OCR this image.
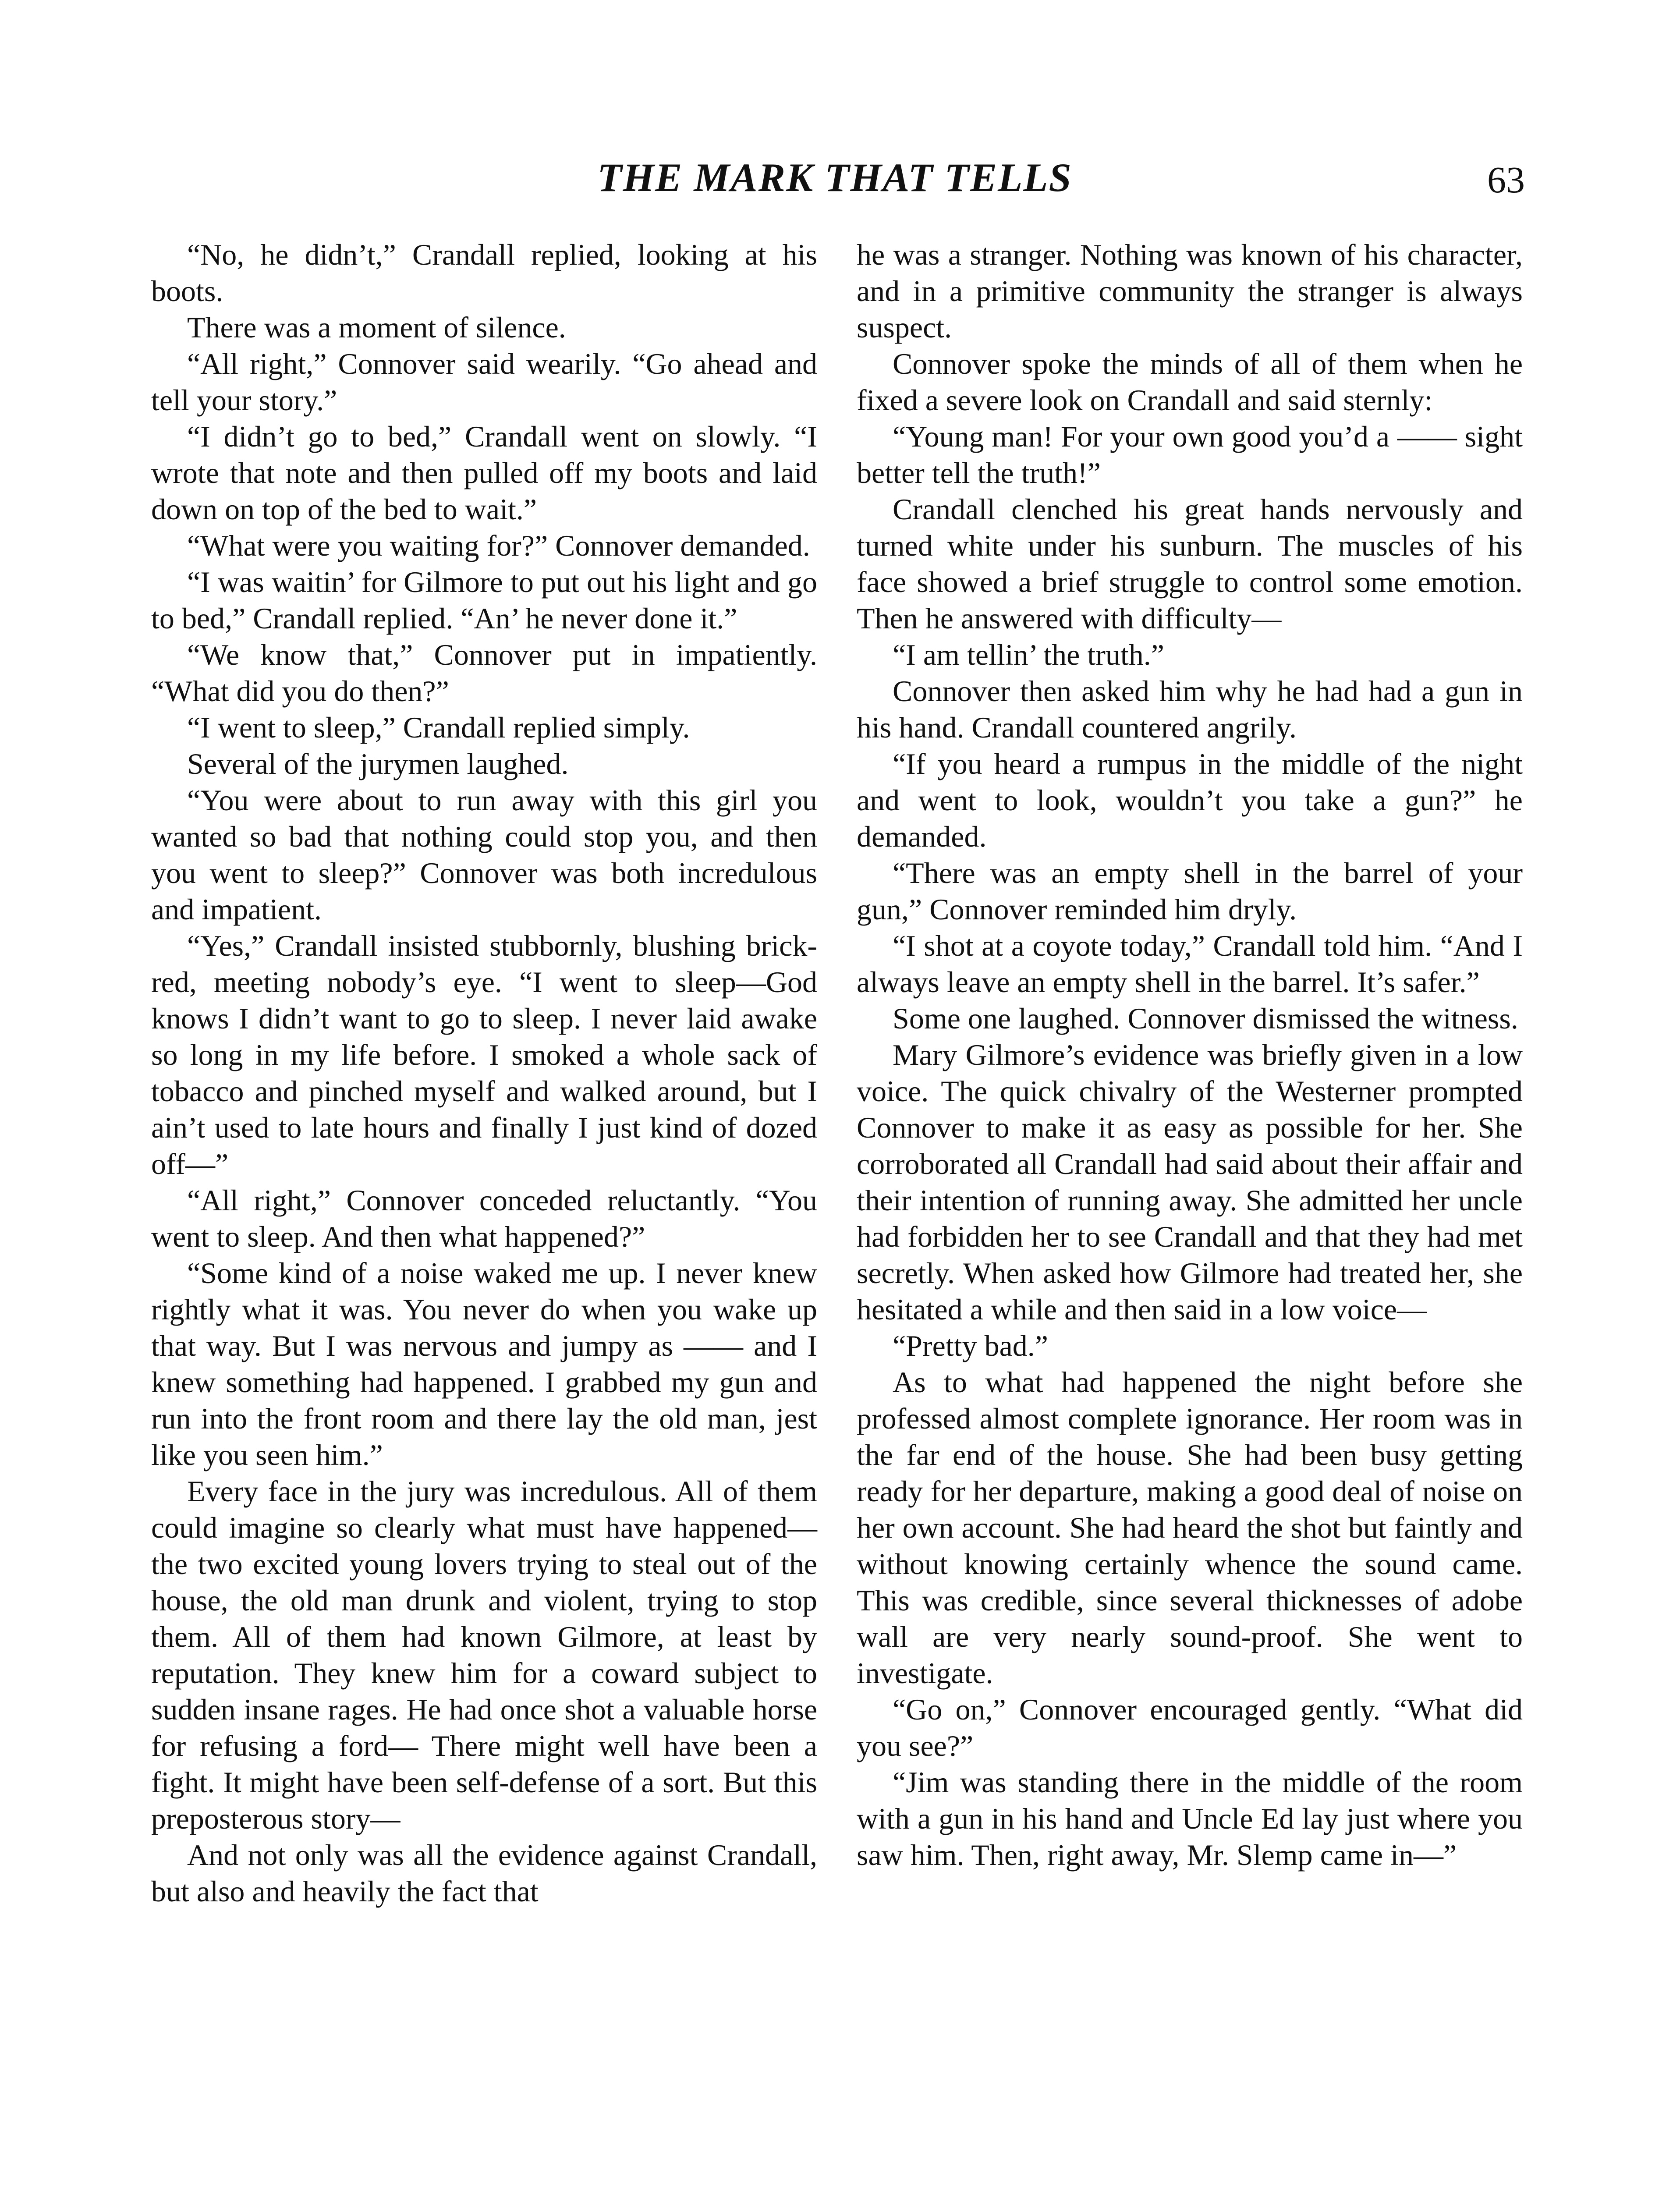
THE MARK THAT TELLS	63

“No, he didn’t,” Crandall replied, looking at his boots.

There was a moment of silence.

“All right,” Connover said wearily. “Go ahead and tell your story.”

“I didn’t go to bed,” Crandall went on slowly. “I wrote that note and then pulled off my boots and laid down on top of the bed to wait.”

“What were you waiting for?” Connover demanded.

“I was waitin’ for Gilmore to put out his light and go to bed,” Crandall replied. “An’ he never done it.”

“We know that,” Connover put in impatiently. “What did you do then?”

“I went to sleep,” Crandall replied simply.

Several of the jurymen laughed.

“You were about to run away with this girl you wanted so bad that nothing could stop you, and then you went to sleep?” Connover was both incredulous and impatient.

“Yes,” Crandall insisted stubbornly, blushing brick-red, meeting nobody’s eye. “I went to sleep—God knows I didn’t want to go to sleep. I never laid awake so long in my life before. I smoked a whole sack of tobacco and pinched myself and walked around, but I ain’t used to late hours and finally I just kind of dozed off—”

“All right,” Connover conceded reluctantly. “You went to sleep. And then what happened?”

“Some kind of a noise waked me up. I never knew rightly what it was. You never do when you wake up that way. But I was nervous and jumpy as —— and I knew something had happened. I grabbed my gun and run into the front room and there lay the old man, jest like you seen him.”

Every face in the jury was incredulous. All of them could imagine so clearly what must have happened—the two excited young lovers trying to steal out of the house, the old man drunk and violent, trying to stop them. All of them had known Gilmore, at least by reputation. They knew him for a coward subject to sudden insane rages. He had once shot a valuable horse for refusing a ford— There might well have been a fight. It might have been self-defense of a sort. But this preposterous story—

And not only was all the evidence against Crandall, but also and heavily the fact that

he was a stranger. Nothing was known of his character, and in a primitive community the stranger is always suspect.

Connover spoke the minds of all of them when he fixed a severe look on Crandall and said sternly:

“Young man! For your own good you’d a —— sight better tell the truth!”

Crandall clenched his great hands nervously and turned white under his sunburn. The muscles of his face showed a brief struggle to control some emotion. Then he answered with difficulty—

“I am tellin’ the truth.”

Connover then asked him why he had had a gun in his hand. Crandall countered angrily.

“If you heard a rumpus in the middle of the night and went to look, wouldn’t you take a gun?” he demanded.

“There was an empty shell in the barrel of your gun,” Connover reminded him dryly.

“I shot at a coyote today,” Crandall told him. “And I always leave an empty shell in the barrel. It’s safer.”

Some one laughed. Connover dismissed the witness.

Mary Gilmore’s evidence was briefly given in a low voice. The quick chivalry of the Westerner prompted Connover to make it as easy as possible for her. She corroborated all Crandall had said about their affair and their intention of running away. She admitted her uncle had forbidden her to see Crandall and that they had met secretly. When asked how Gilmore had treated her, she hesitated a while and then said in a low voice—

“Pretty bad.”

As to what had happened the night before she professed almost complete ignorance. Her room was in the far end of the house. She had been busy getting ready for her departure, making a good deal of noise on her own account. She had heard the shot but faintly and without knowing certainly whence the sound came. This was credible, since several thicknesses of adobe wall are very nearly sound-proof. She went to investigate.

“Go on,” Connover encouraged gently. “What did you see?”

“Jim was standing there in the middle of the room with a gun in his hand and Uncle Ed lay just where you saw him. Then, right away, Mr. Slemp came in—”
